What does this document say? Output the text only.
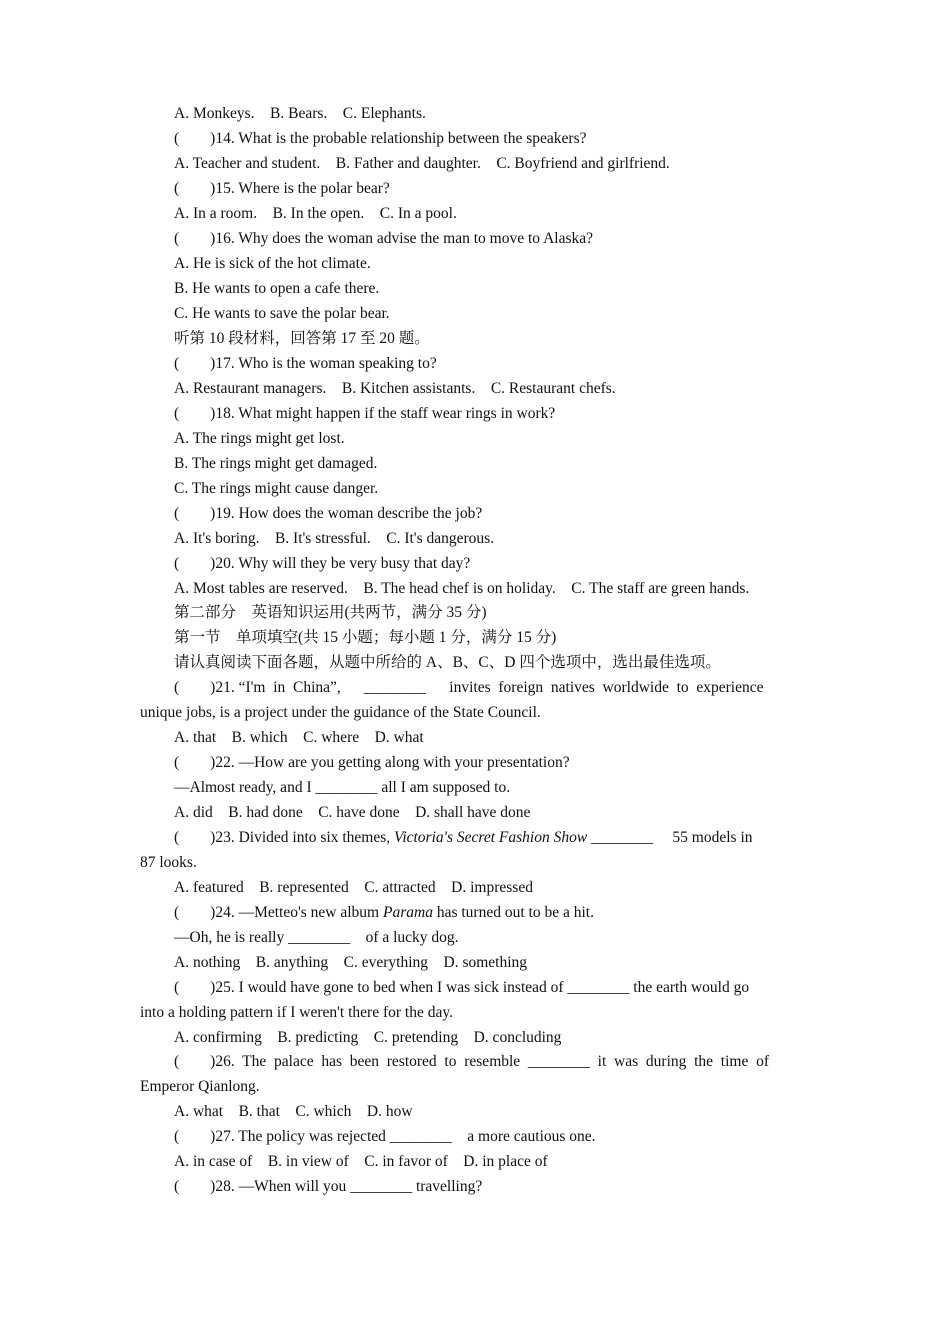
A. Monkeys.    B. Bears.    C. Elephants.
(        )14. What is the probable relationship between the speakers?
A. Teacher and student.    B. Father and daughter.    C. Boyfriend and girlfriend.
(        )15. Where is the polar bear?
A. In a room.    B. In the open.    C. In a pool.
(        )16. Why does the woman advise the man to move to Alaska?
A. He is sick of the hot climate.
B. He wants to open a cafe there.
C. He wants to save the polar bear.
听第 10 段材料，回答第 17 至 20 题。
(        )17. Who is the woman speaking to?
A. Restaurant managers.    B. Kitchen assistants.    C. Restaurant chefs.
(        )18. What might happen if the staff wear rings in work?
A. The rings might get lost.
B. The rings might get damaged.
C. The rings might cause danger.
(        )19. How does the woman describe the job?
A. It's boring.    B. It's stressful.    C. It's dangerous.
(        )20. Why will they be very busy that day?
A. Most tables are reserved.    B. The head chef is on holiday.    C. The staff are green hands.
第二部分    英语知识运用(共两节，满分 35 分)
第一节    单项填空(共 15 小题；每小题 1 分，满分 15 分)
请认真阅读下面各题，从题中所给的 A、B、C、D 四个选项中，选出最佳选项。
(        )21. “I'm  in  China”,      ________      invites  foreign  natives  worldwide  to  experience
unique jobs, is a project under the guidance of the State Council.
A. that    B. which    C. where    D. what
(        )22. —How are you getting along with your presentation?
—Almost ready, and I ________ all I am supposed to.
A. did    B. had done    C. have done    D. shall have done
(        )23. Divided into six themes, Victoria's Secret Fashion Show ________     55 models in
87 looks.
A. featured    B. represented    C. attracted    D. impressed
(        )24. —Metteo's new album Parama has turned out to be a hit.
—Oh, he is really ________    of a lucky dog.
A. nothing    B. anything    C. everything    D. something
(        )25. I would have gone to bed when I was sick instead of ________ the earth would go
into a holding pattern if I weren't there for the day.
A. confirming    B. predicting    C. pretending    D. concluding
(        )26.  The  palace  has  been  restored  to  resemble  ________  it  was  during  the  time  of
Emperor Qianlong.
A. what    B. that    C. which    D. how
(        )27. The policy was rejected ________    a more cautious one.
A. in case of    B. in view of    C. in favor of    D. in place of
(        )28. —When will you ________ travelling?
